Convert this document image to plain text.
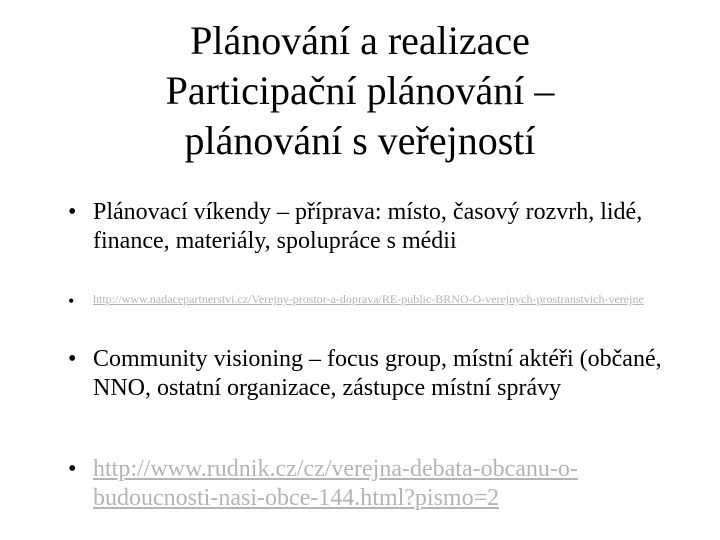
Plánování a realizace
Participační plánování –
plánování s veřejností
• Plánovací víkendy – příprava: místo, časový rozvrh, lidé, finance, materiály, spolupráce s médii
• http://www.nadacepartnerstvi.cz/Verejny-prostor-a-doprava/RE-public-BRNO-O-verejnych-prostranstvich-verejne
• Community visioning – focus group, místní aktéři (občané, NNO, ostatní organizace, zástupce místní správy
• http://www.rudnik.cz/cz/verejna-debata-obcanu-o-budoucnosti-nasi-obce-144.html?pismo=2
